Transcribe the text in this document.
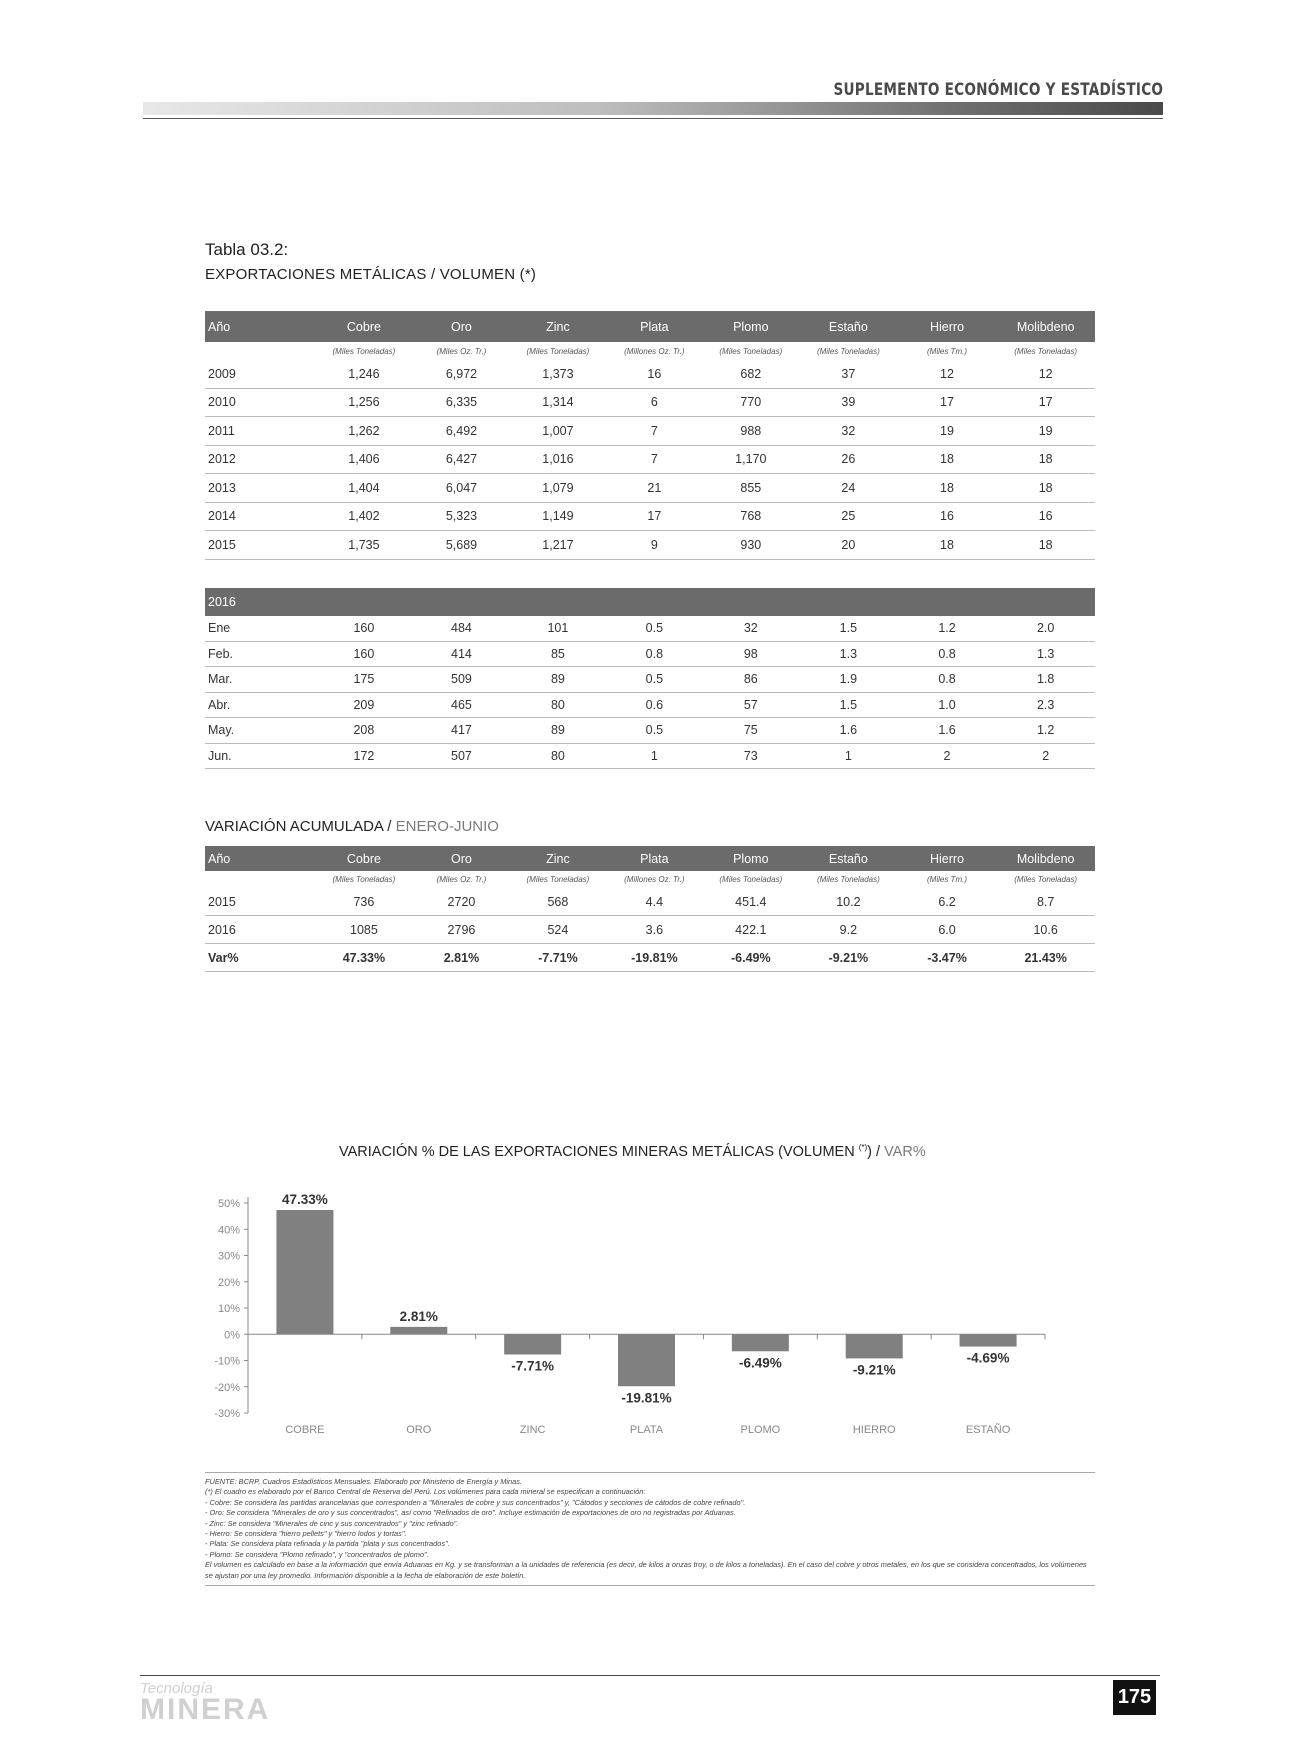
SUPLEMENTO ECONÓMICO Y ESTADÍSTICO
Tabla 03.2:
EXPORTACIONES METÁLICAS / VOLUMEN (*)
Año	Cobre	Oro	Zinc	Plata	Plomo	Estaño	Hierro	Molibdeno
	(Miles Toneladas)	(Miles Oz. Tr.)	(Miles Toneladas)	(Millones Oz. Tr.)	(Miles Toneladas)	(Miles Toneladas)	(Miles Tm.)	(Miles Toneladas)
2009	1,246	6,972	1,373	16	682	37	12	12
2010	1,256	6,335	1,314	6	770	39	17	17
2011	1,262	6,492	1,007	7	988	32	19	19
2012	1,406	6,427	1,016	7	1,170	26	18	18
2013	1,404	6,047	1,079	21	855	24	18	18
2014	1,402	5,323	1,149	17	768	25	16	16
2015	1,735	5,689	1,217	9	930	20	18	18
2016								
Ene	160	484	101	0.5	32	1.5	1.2	2.0
Feb.	160	414	85	0.8	98	1.3	0.8	1.3
Mar.	175	509	89	0.5	86	1.9	0.8	1.8
Abr.	209	465	80	0.6	57	1.5	1.0	2.3
May.	208	417	89	0.5	75	1.6	1.6	1.2
Jun.	172	507	80	1	73	1	2	2
VARIACIÓN ACUMULADA / ENERO-JUNIO
Año	Cobre	Oro	Zinc	Plata	Plomo	Estaño	Hierro	Molibdeno
	(Miles Toneladas)	(Miles Oz. Tr.)	(Miles Toneladas)	(Millones Oz. Tr.)	(Miles Toneladas)	(Miles Toneladas)	(Miles Tm.)	(Miles Toneladas)
2015	736	2720	568	4.4	451.4	10.2	6.2	8.7
2016	1085	2796	524	3.6	422.1	9.2	6.0	10.6
Var%	47.33%	2.81%	-7.71%	-19.81%	-6.49%	-9.21%	-3.47%	21.43%
VARIACIÓN % DE LAS EXPORTACIONES MINERAS METÁLICAS (VOLUMEN (*)) / VAR%
50%
40%
30%
20%
10%
0%
-10%
-20%
-30%
47.33%
COBRE
2.81%
ORO
-7.71%
ZINC
-19.81%
PLATA
-6.49%
PLOMO
-9.21%
HIERRO
-4.69%
ESTAÑO
FUENTE: BCRP, Cuadros Estadísticos Mensuales. Elaborado por Ministerio de Energía y Minas.
(*) El cuadro es elaborado por el Banco Central de Reserva del Perú. Los volúmenes para cada mineral se especifican a continuación:
- Cobre: Se considera las partidas arancelarias que corresponden a "Minerales de cobre y sus concentrados" y, "Cátodos y secciones de cátodos de cobre refinado".
- Oro: Se considera "Minerales de oro y sus concentrados", así como "Refinados de oro". Incluye estimación de exportaciones de oro no registradas por Aduanas.
- Zinc: Se considera "Minerales de cinc y sus concentrados" y "zinc refinado".
- Hierro: Se considera "hierro pellets" y "hierro lodos y tortas".
- Plata: Se considera plata refinada y la partida "plata y sus concentrados".
- Plomo: Se considera "Plomo refinado", y "concentrados de plomo".
El volumen es calculado en base a la información que envía Aduanas en Kg. y se transforman a la unidades de referencia (es decir, de kilos a onzas troy, o de kilos a toneladas). En el caso del cobre y otros metales, en los que se considera concentrados, los volúmenes se ajustan por una ley promedio. Información disponible a la fecha de elaboración de este boletín.
Tecnología
MINERA	175
